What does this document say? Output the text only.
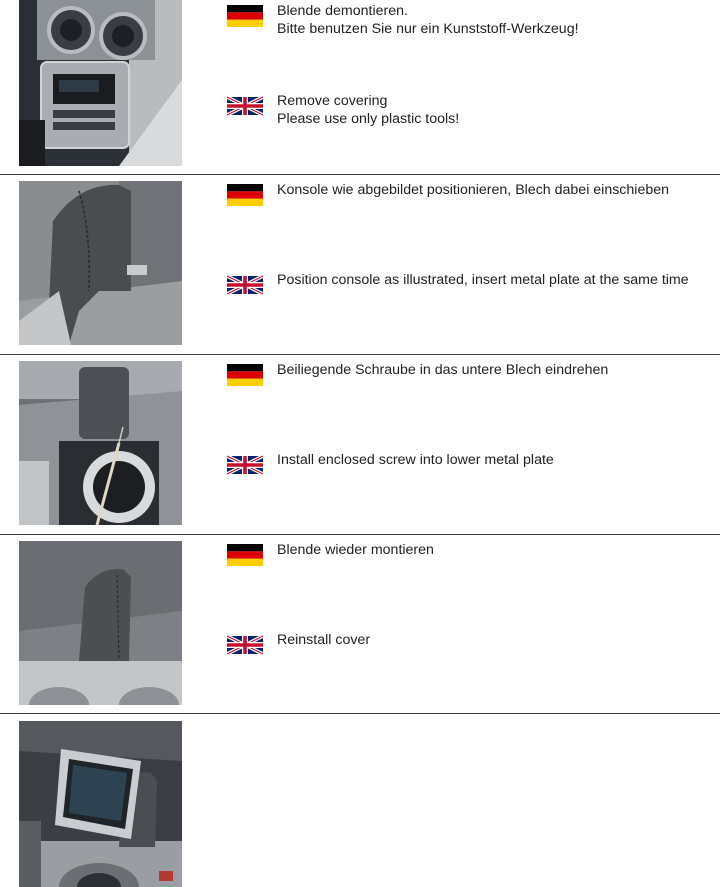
Blende demontieren.
Bitte benutzen Sie nur ein Kunststoff-Werkzeug!
Remove covering
Please use only plastic tools!
Konsole wie abgebildet positionieren, Blech dabei einschieben
Position console as illustrated, insert metal plate at the same time
Beiliegende Schraube in das untere Blech eindrehen
Install enclosed screw into lower metal plate
Blende wieder montieren
Reinstall cover
